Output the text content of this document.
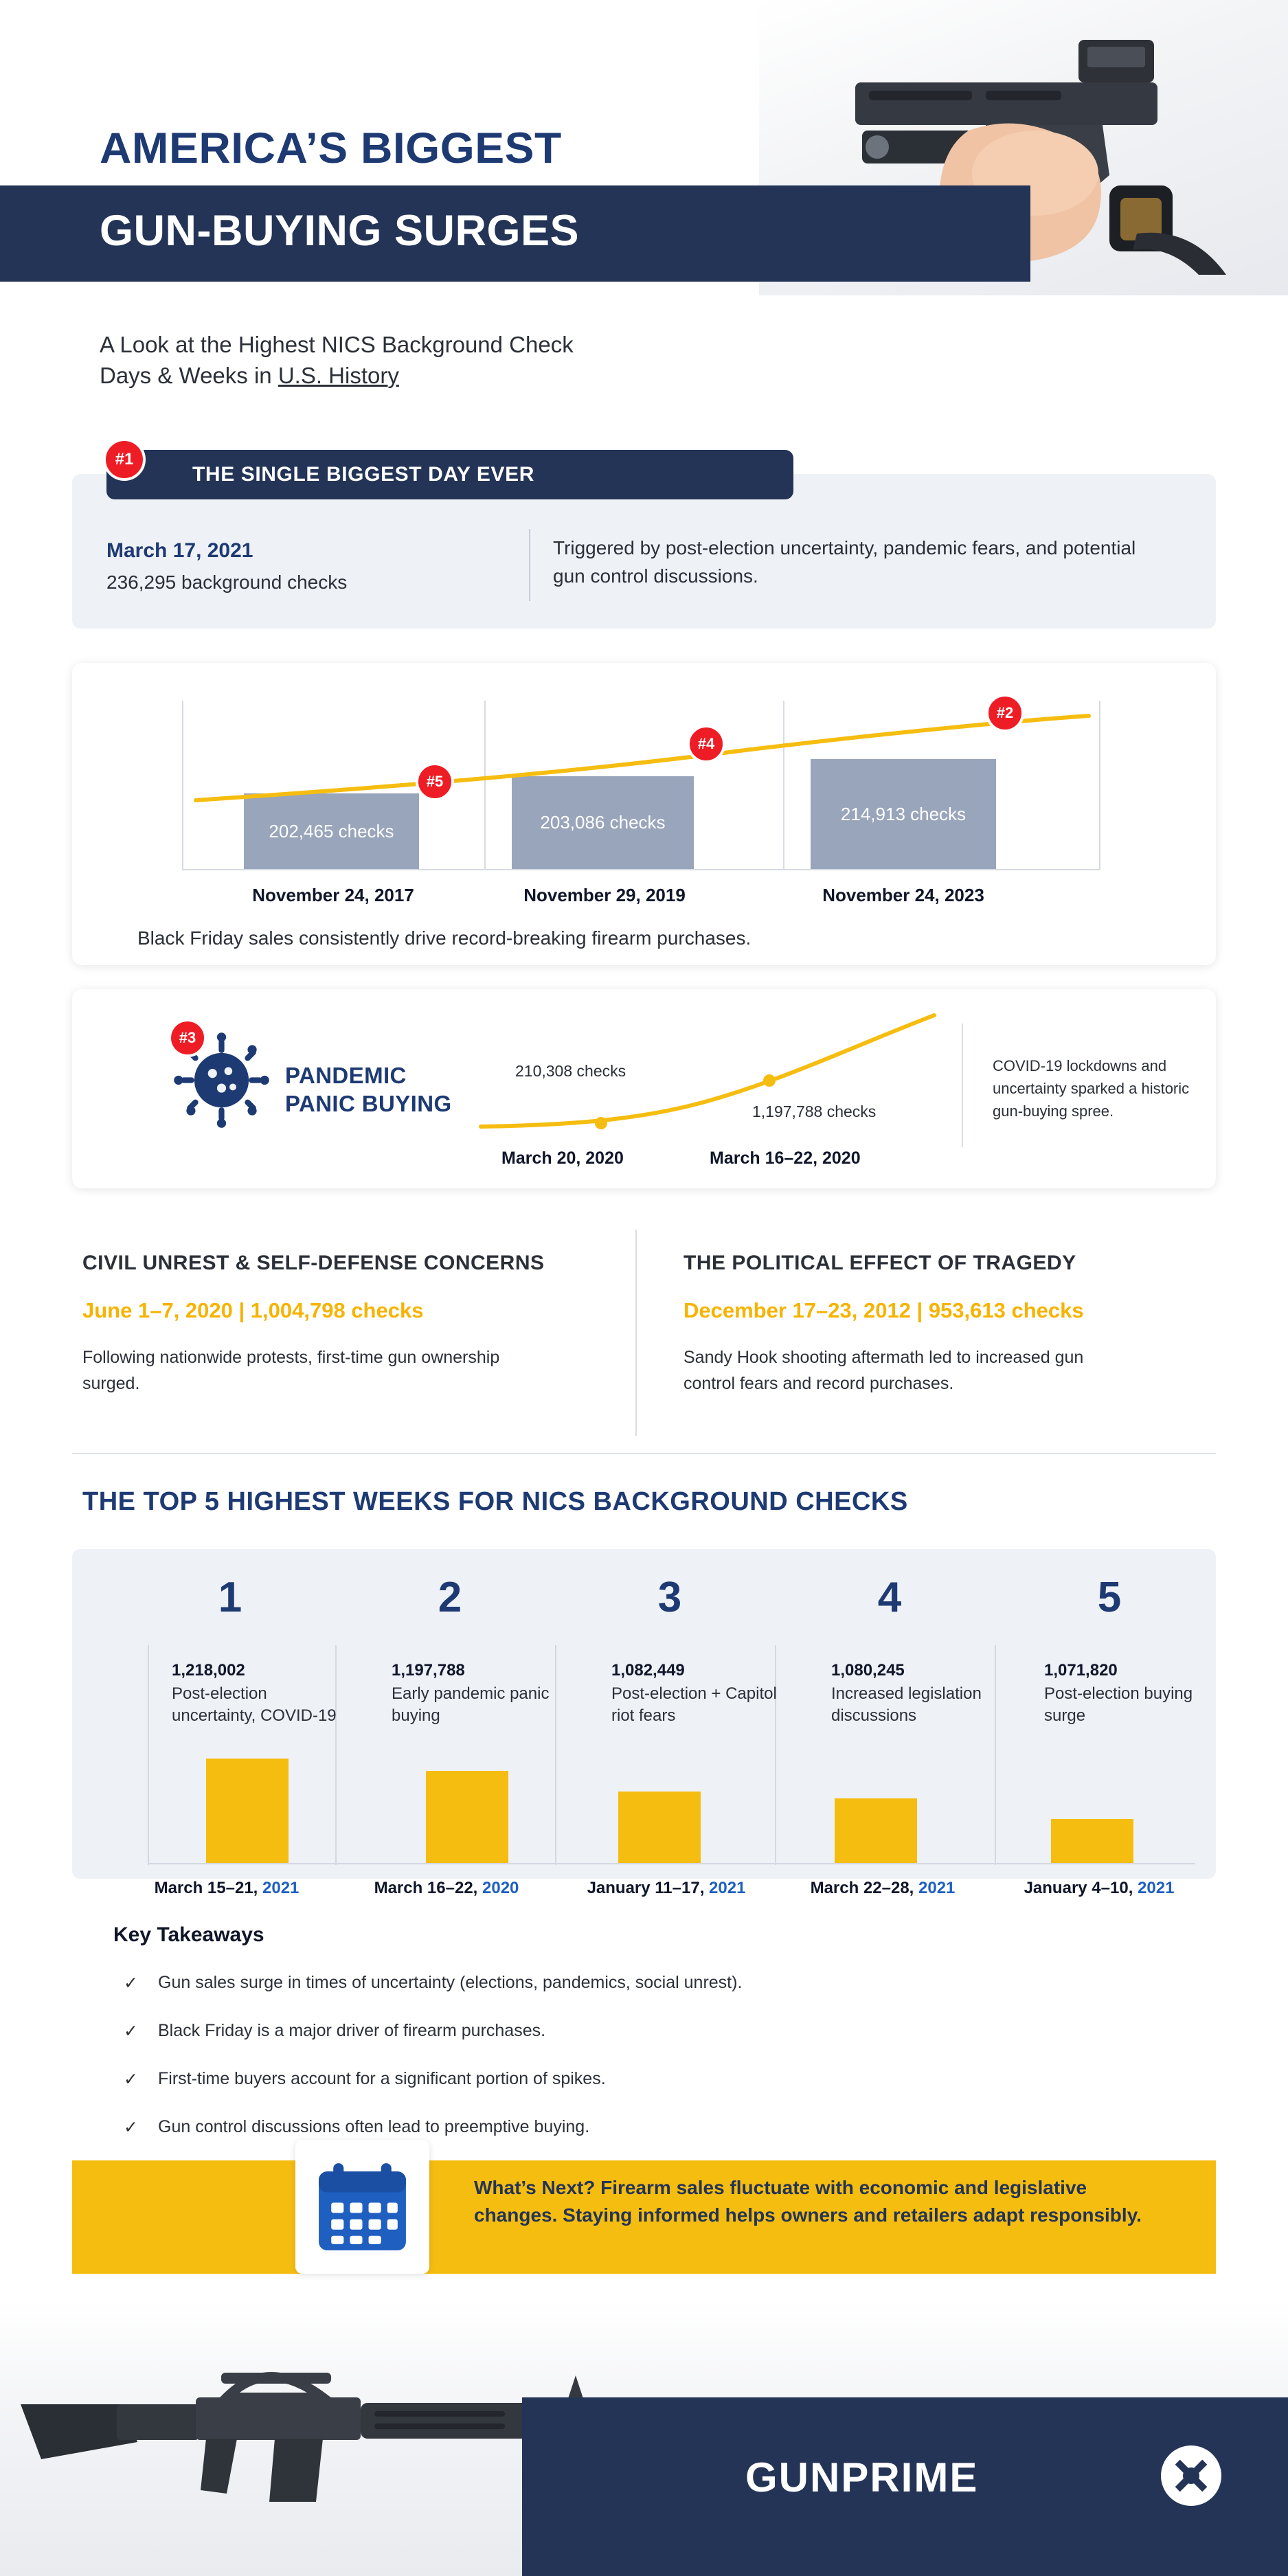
AMERICA’S BIGGEST
GUN-BUYING SURGES
A Look at the Highest NICS Background Check
Days & Weeks in U.S. History
THE SINGLE BIGGEST DAY EVER
#1
March 17, 2021
236,295 background checks
Triggered by post-election uncertainty, pandemic fears, and potential gun control discussions.
202,465 checks	203,086 checks	214,913 checks
#5
#4
#2
November 24, 2017	November 29, 2019	November 24, 2023
Black Friday sales consistently drive record-breaking firearm purchases.
#3
PANDEMIC
PANIC BUYING
210,308 checks
1,197,788 checks
March 20, 2020	March 16–22, 2020
COVID-19 lockdowns and uncertainty sparked a historic gun-buying spree.
CIVIL UNREST & SELF-DEFENSE CONCERNS
June 1–7, 2020 | 1,004,798 checks
Following nationwide protests, first-time gun ownership surged.
THE POLITICAL EFFECT OF TRAGEDY
December 17–23, 2012 | 953,613 checks
Sandy Hook shooting aftermath led to increased gun control fears and record purchases.
THE TOP 5 HIGHEST WEEKS FOR NICS BACKGROUND CHECKS
1
1,218,002
Post-election uncertainty, COVID-19
March 15–21, 2021
2
1,197,788
Early pandemic panic buying
March 16–22, 2020
3
1,082,449
Post-election + Capitol riot fears
January 11–17, 2021
4
1,080,245
Increased legislation discussions
March 22–28, 2021
5
1,071,820
Post-election buying surge
January 4–10, 2021
Key Takeaways
✓ Gun sales surge in times of uncertainty (elections, pandemics, social unrest).
✓ Black Friday is a major driver of firearm purchases.
✓ First-time buyers account for a significant portion of spikes.
✓ Gun control discussions often lead to preemptive buying.
What’s Next? Firearm sales fluctuate with economic and legislative changes. Staying informed helps owners and retailers adapt responsibly.
GUNPRIME
